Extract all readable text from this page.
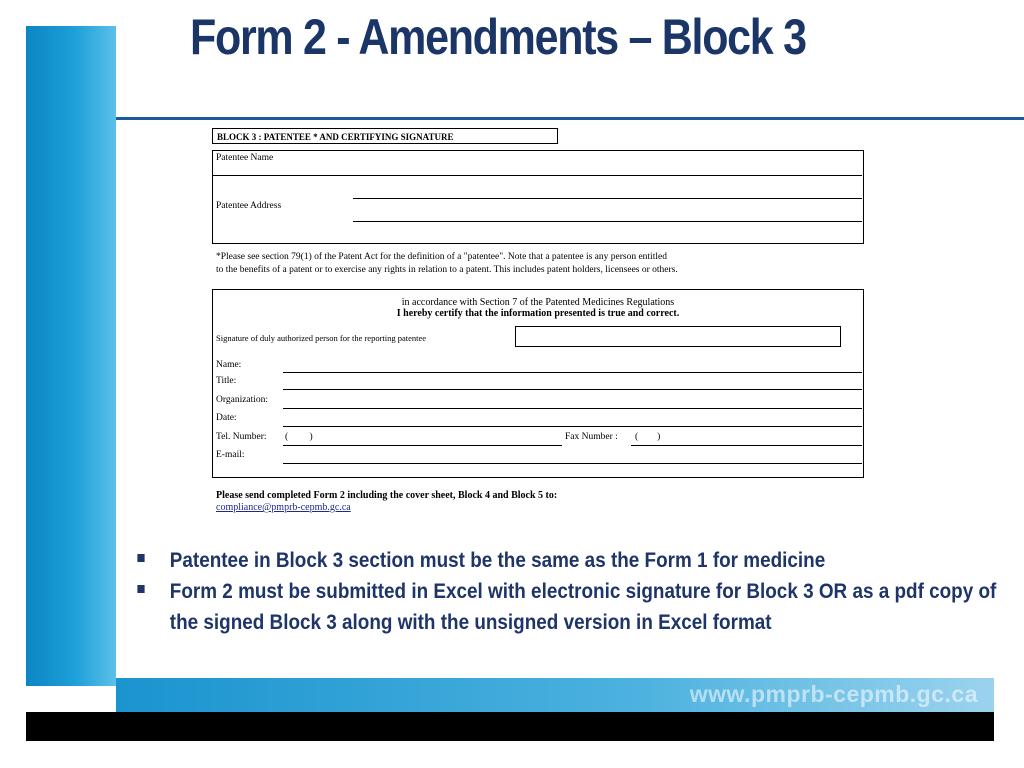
Form 2 - Amendments – Block 3
BLOCK 3 : PATENTEE * AND CERTIFYING SIGNATURE
Patentee Name
Patentee Address
*Please see section 79(1) of the Patent Act for the definition of a "patentee". Note that a patentee is any person entitled
to the benefits of a patent or to exercise any rights in relation to a patent. This includes patent holders, licensees or others.
in accordance with Section 7 of the Patented Medicines Regulations
I hereby certify that the information presented is true and correct.
Signature of duly authorized person for the reporting patentee
Name:
Title:
Organization:
Date:
Tel. Number: (         )	Fax Number : (        )
E-mail:
Please send completed Form 2 including the cover sheet, Block 4 and Block 5 to:
compliance@pmprb-cepmb.gc.ca
Patentee in Block 3 section must be the same as the Form 1 for medicine
Form 2 must be submitted in Excel with electronic signature for Block 3 OR as a pdf copy of the signed Block 3 along with the unsigned version in Excel format
www.pmprb-cepmb.gc.ca
16
